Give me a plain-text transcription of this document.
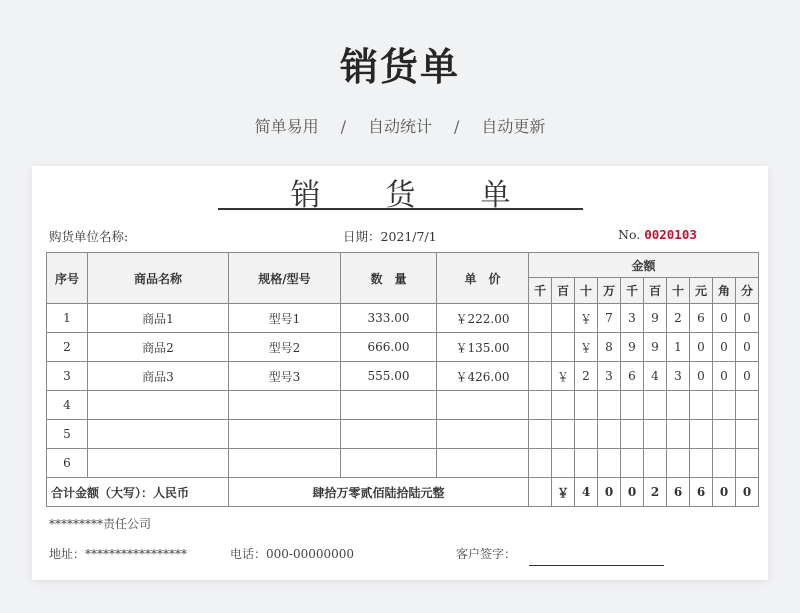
销货单
简单易用 / 自动统计 / 自动更新
销 货 单
购货单位名称:	日期：2021/7/1	No. 0020103
序号	商品名称	规格/型号	数　量	单　价	金额									
					千	百	十	万	千	百	十	元	角	分
1	商品1	型号1	333.00	￥222.00			￥	7	3	9	2	6	0	0
2	商品2	型号2	666.00	￥135.00			￥	8	9	9	1	0	0	0
3	商品3	型号3	555.00	￥426.00		￥	2	3	6	4	3	0	0	0
4														
5														
6														
合计金额（大写）：人民币		肆拾万零贰佰陆拾陆元整				￥	4	0	0	2	6	6	0	0
*********责任公司
地址：*****************	电话：000-00000000	客户签字：
